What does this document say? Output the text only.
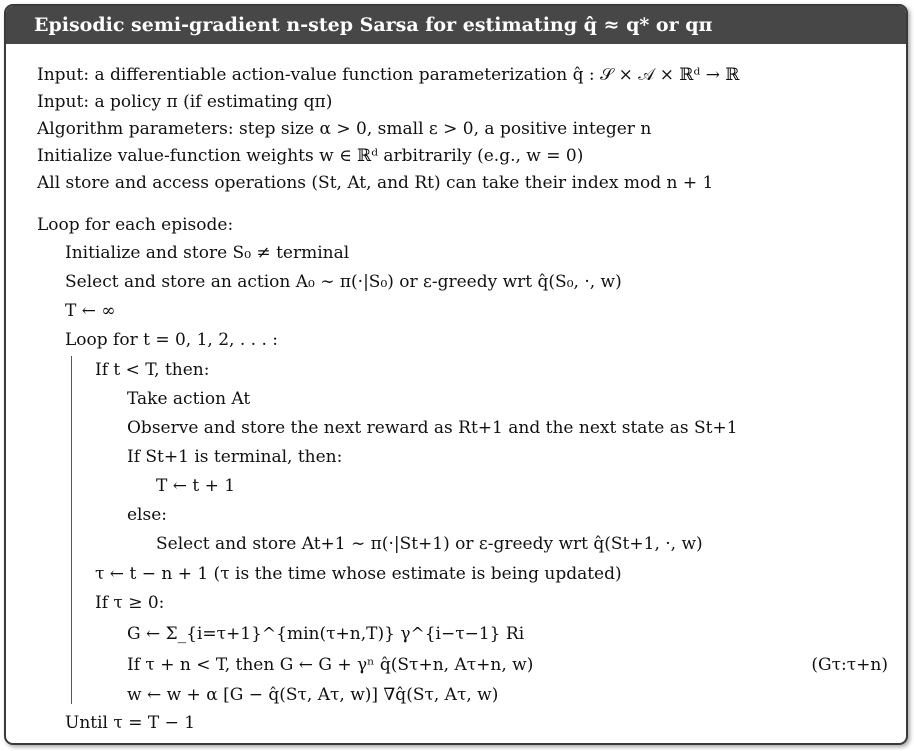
Episodic semi-gradient n-step Sarsa for estimating q̂ ≈ q* or qπ
Input: a differentiable action-value function parameterization q̂ : 𝒮 × 𝒜 × ℝᵈ → ℝ
Input: a policy π (if estimating qπ)
Algorithm parameters: step size α > 0, small ε > 0, a positive integer n
Initialize value-function weights w ∈ ℝᵈ arbitrarily (e.g., w = 0)
All store and access operations (St, At, and Rt) can take their index mod n + 1
Loop for each episode:
Initialize and store S₀ ≠ terminal
Select and store an action A₀ ∼ π(·|S₀) or ε-greedy wrt q̂(S₀, ·, w)
T ← ∞
Loop for t = 0, 1, 2, . . . :
If t < T, then:
Take action At
Observe and store the next reward as Rt+1 and the next state as St+1
If St+1 is terminal, then:
T ← t + 1
else:
Select and store At+1 ∼ π(·|St+1) or ε-greedy wrt q̂(St+1, ·, w)
τ ← t − n + 1 (τ is the time whose estimate is being updated)
If τ ≥ 0:
G ← Σ_{i=τ+1}^{min(τ+n,T)} γ^{i−τ−1} Ri
If τ + n < T, then G ← G + γⁿ q̂(Sτ+n, Aτ+n, w)	(Gτ:τ+n)
w ← w + α [G − q̂(Sτ, Aτ, w)] ∇q̂(Sτ, Aτ, w)
Until τ = T − 1
